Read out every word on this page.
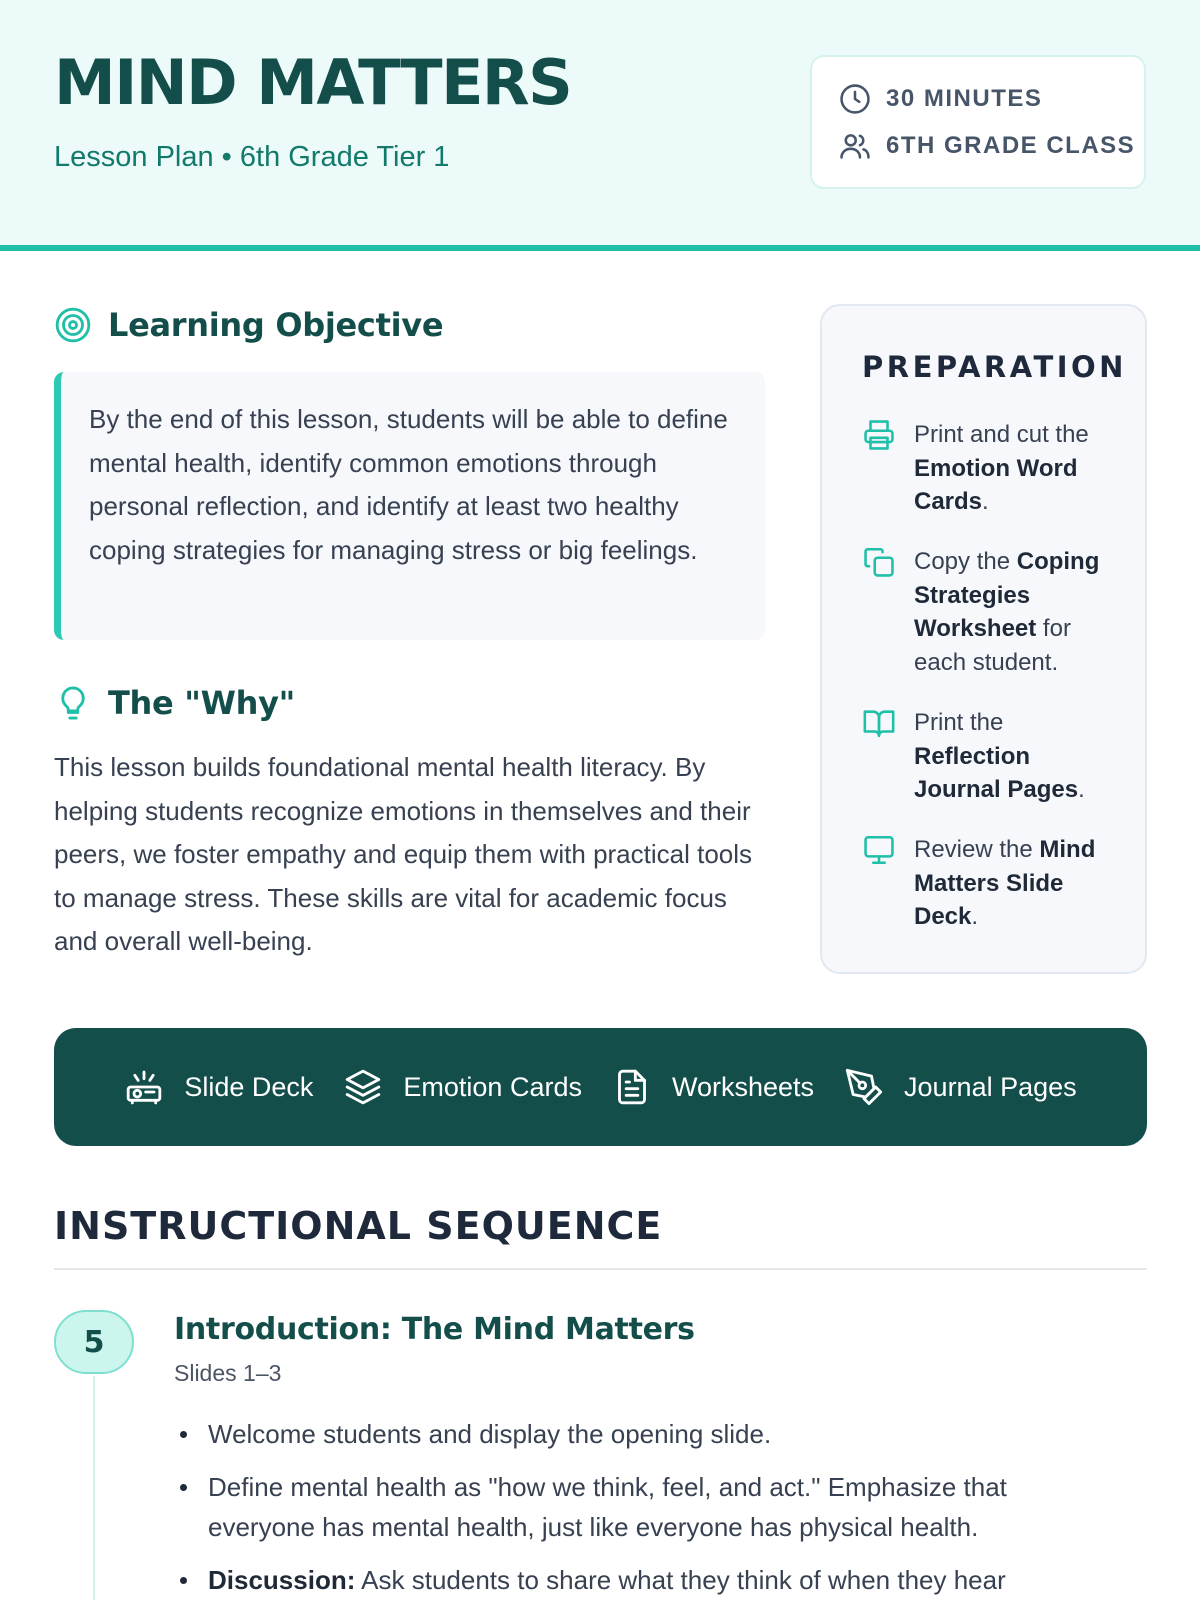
MIND MATTERS
Lesson Plan • 6th Grade Tier 1
30 MINUTES
6TH GRADE CLASS
Learning Objective

By the end of this lesson, students will be able to define mental health, identify common emotions through personal reflection, and identify at least two healthy coping strategies for managing stress or big feelings.

The "Why"

This lesson builds foundational mental health literacy. By helping students recognize emotions in themselves and their peers, we foster empathy and equip them with practical tools to manage stress. These skills are vital for academic focus and overall well-being.

PREPARATION
Print and cut the Emotion Word Cards.
Copy the Coping Strategies Worksheet for each student.
Print the Reflection Journal Pages.
Review the Mind Matters Slide Deck.
Slide Deck	Emotion Cards	Worksheets	Journal Pages
INSTRUCTIONAL SEQUENCE
5	Introduction: The Mind Matters
Slides 1–3
Welcome students and display the opening slide.
Define mental health as "how we think, feel, and act." Emphasize that everyone has mental health, just like everyone has physical health.
Discussion: Ask students to share what they think of when they hear
